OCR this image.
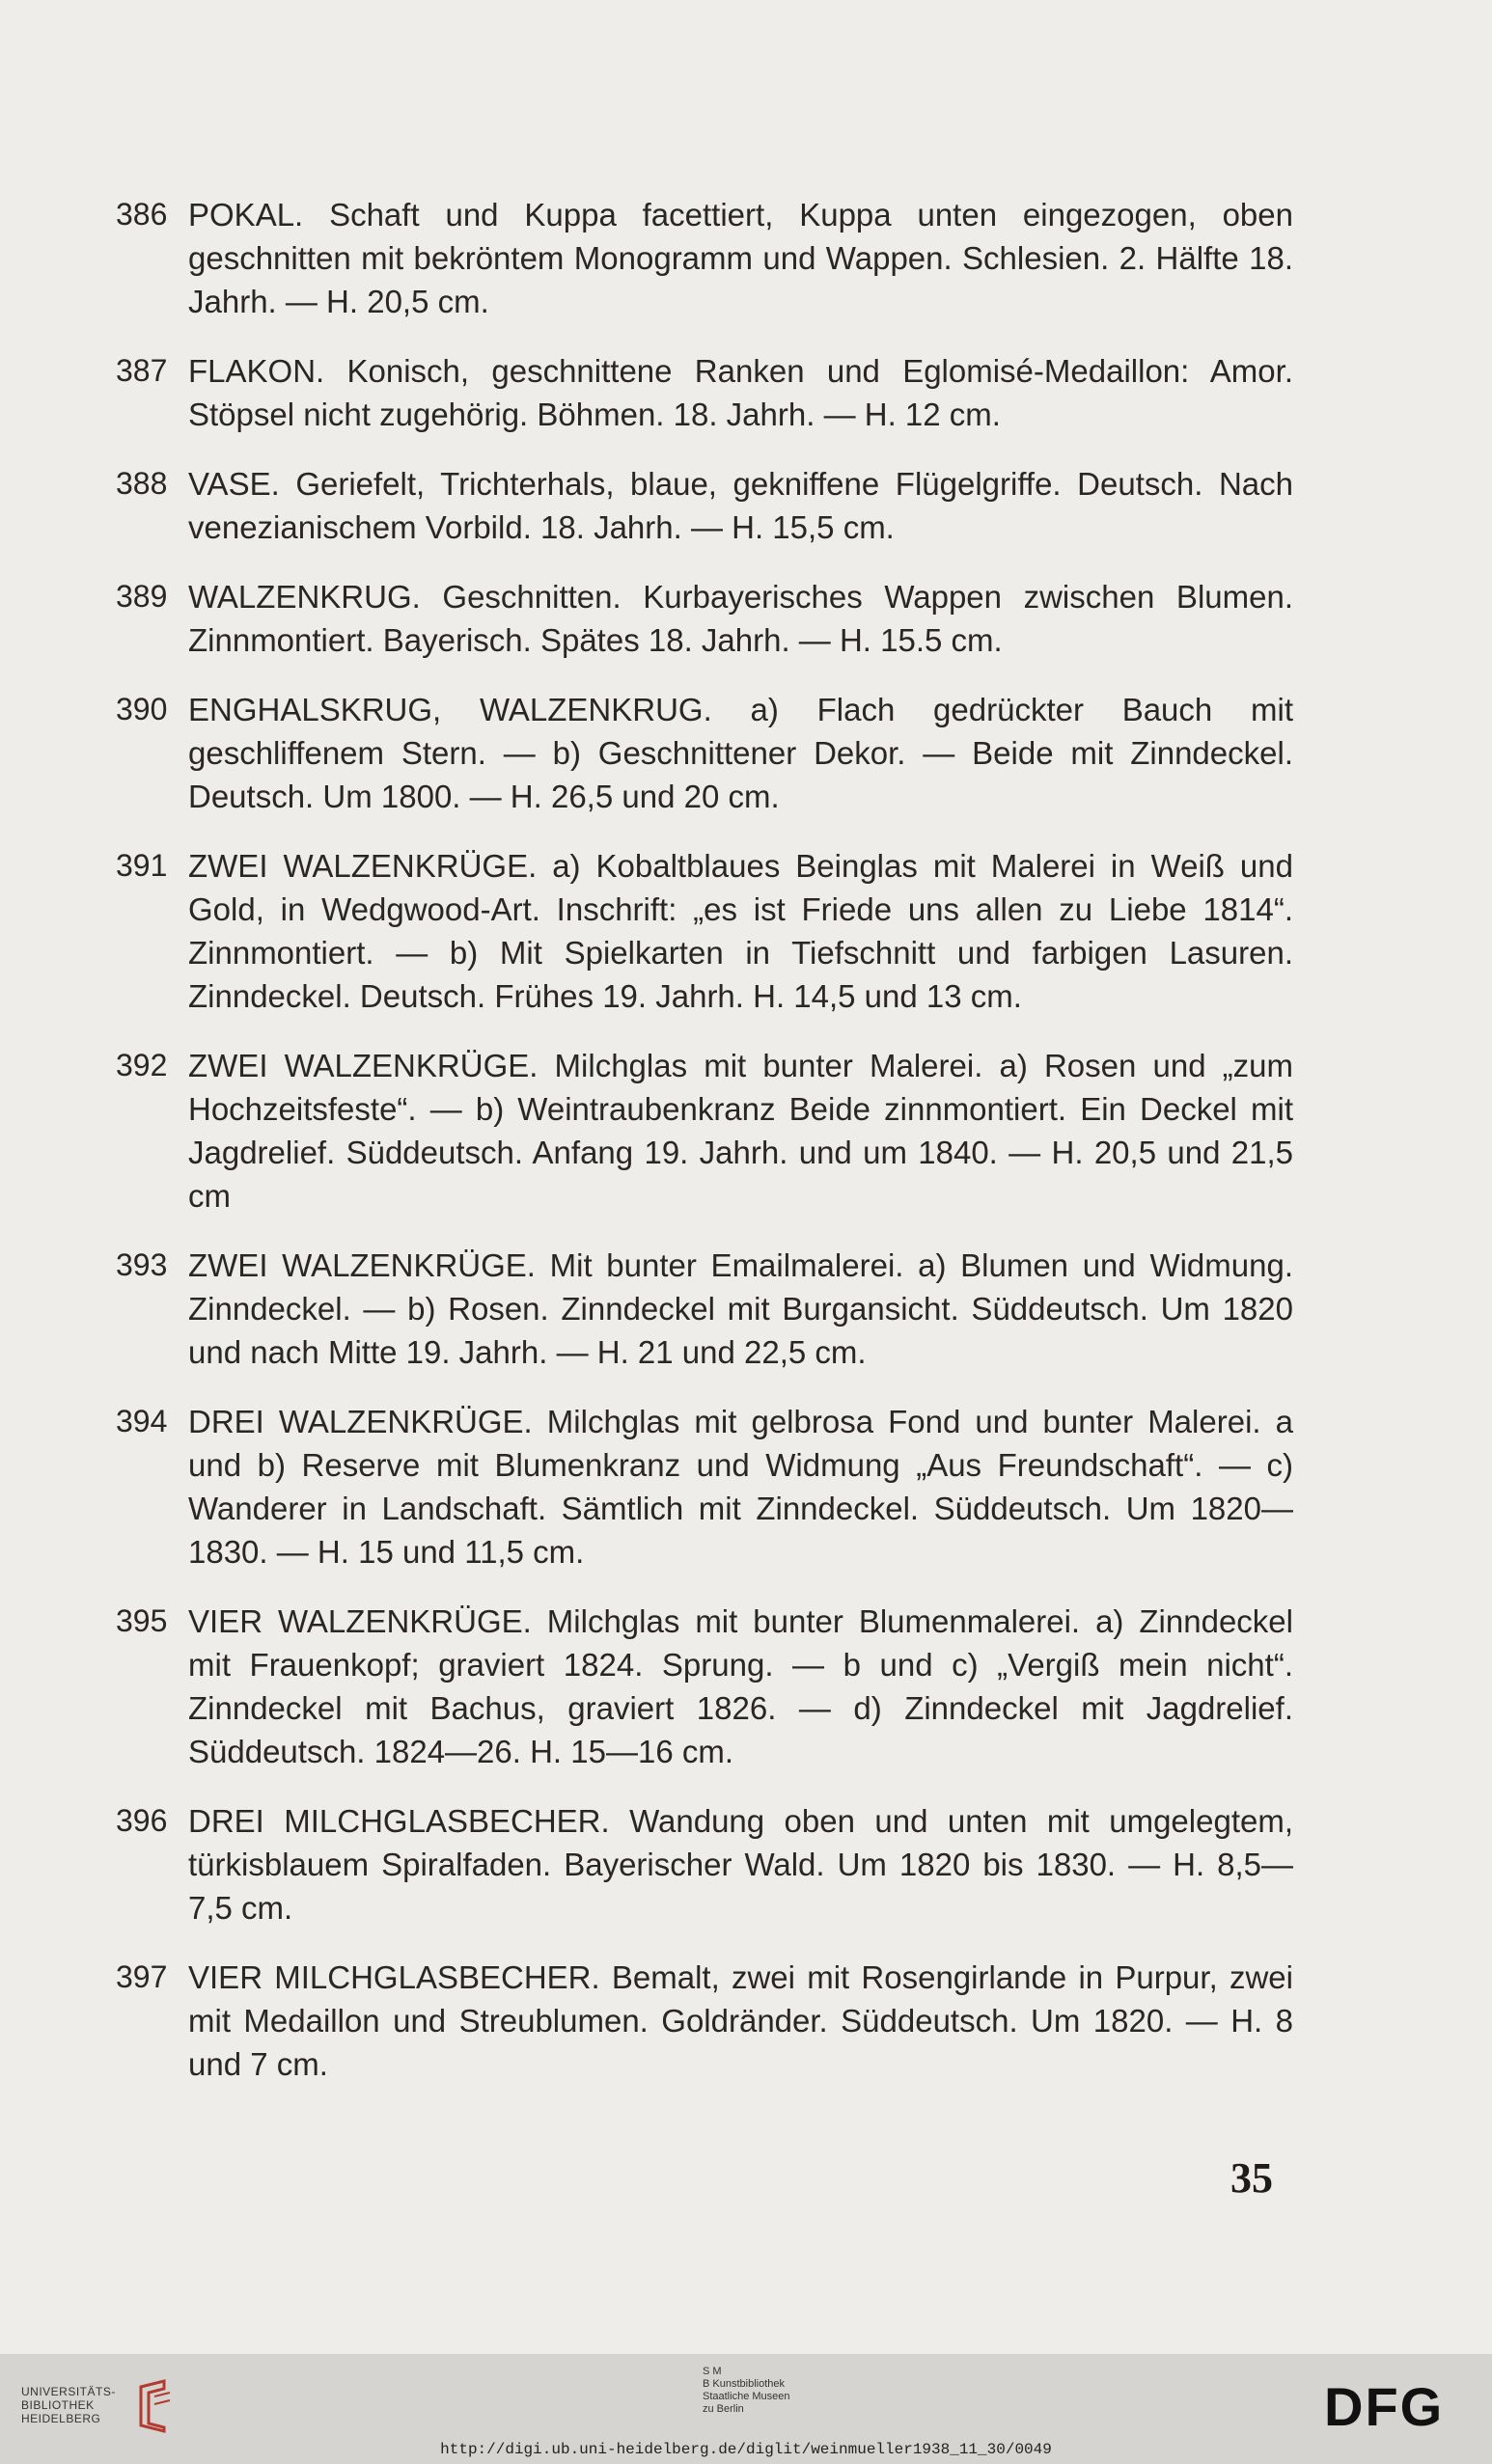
386 POKAL. Schaft und Kuppa facettiert, Kuppa unten eingezogen, oben geschnitten mit bekröntem Monogramm und Wappen. Schlesien. 2. Hälfte 18. Jahrh. — H. 20,5 cm.
387 FLAKON. Konisch, geschnittene Ranken und Eglomisé-Medaillon: Amor. Stöpsel nicht zugehörig. Böhmen. 18. Jahrh. — H. 12 cm.
388 VASE. Geriefelt, Trichterhals, blaue, gekniffene Flügelgriffe. Deutsch. Nach venezianischem Vorbild. 18. Jahrh. — H. 15,5 cm.
389 WALZENKRUG. Geschnitten. Kurbayerisches Wappen zwischen Blumen. Zinnmontiert. Bayerisch. Spätes 18. Jahrh. — H. 15.5 cm.
390 ENGHALSKRUG, WALZENKRUG. a) Flach gedrückter Bauch mit geschliffenem Stern. — b) Geschnittener Dekor. — Beide mit Zinndeckel. Deutsch. Um 1800. — H. 26,5 und 20 cm.
391 ZWEI WALZENKRÜGE. a) Kobaltblaues Beinglas mit Malerei in Weiß und Gold, in Wedgwood-Art. Inschrift: „es ist Friede uns allen zu Liebe 1814“. Zinnmontiert. — b) Mit Spielkarten in Tiefschnitt und farbigen Lasuren. Zinndeckel. Deutsch. Frühes 19. Jahrh. H. 14,5 und 13 cm.
392 ZWEI WALZENKRÜGE. Milchglas mit bunter Malerei. a) Rosen und „zum Hochzeitsfeste“. — b) Weintraubenkranz Beide zinnmontiert. Ein Deckel mit Jagdrelief. Süddeutsch. Anfang 19. Jahrh. und um 1840. — H. 20,5 und 21,5 cm
393 ZWEI WALZENKRÜGE. Mit bunter Emailmalerei. a) Blumen und Widmung. Zinndeckel. — b) Rosen. Zinndeckel mit Burgansicht. Süddeutsch. Um 1820 und nach Mitte 19. Jahrh. — H. 21 und 22,5 cm.
394 DREI WALZENKRÜGE. Milchglas mit gelbrosa Fond und bunter Malerei. a und b) Reserve mit Blumenkranz und Widmung „Aus Freundschaft“. — c) Wanderer in Landschaft. Sämtlich mit Zinndeckel. Süddeutsch. Um 1820—1830. — H. 15 und 11,5 cm.
395 VIER WALZENKRÜGE. Milchglas mit bunter Blumenmalerei. a) Zinndeckel mit Frauenkopf; graviert 1824. Sprung. — b und c) „Vergiß mein nicht“. Zinndeckel mit Bachus, graviert 1826. — d) Zinndeckel mit Jagdrelief. Süddeutsch. 1824—26. H. 15—16 cm.
396 DREI MILCHGLASBECHER. Wandung oben und unten mit umgelegtem, türkisblauem Spiralfaden. Bayerischer Wald. Um 1820 bis 1830. — H. 8,5—7,5 cm.
397 VIER MILCHGLASBECHER. Bemalt, zwei mit Rosengirlande in Purpur, zwei mit Medaillon und Streublumen. Goldränder. Süddeutsch. Um 1820. — H. 8 und 7 cm.
35
UNIVERSITÄTS-
BIBLIOTHEK
HEIDELBERG
S M
B Kunstbibliothek
Staatliche Museen
zu Berlin	DFG
http://digi.ub.uni-heidelberg.de/diglit/weinmueller1938_11_30/0049
